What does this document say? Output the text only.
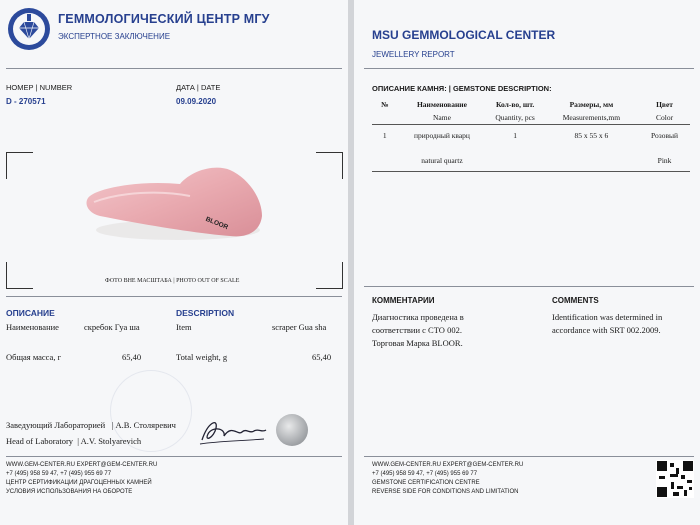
ГЕММОЛОГИЧЕСКИЙ ЦЕНТР МГУ
ЭКСПЕРТНОЕ ЗАКЛЮЧЕНИЕ
НОМЕР | NUMBER
D - 270571
ДАТА | DATE
09.09.2020
BLOOR
ФОТО ВНЕ МАСШТАБА | PHOTO OUT OF SCALE
ОПИСАНИЕ	DESCRIPTION
Наименование	скребок Гуа ша	Item	scraper Gua sha
Общая масса, г	65,40	Total weight, g	65,40
Заведующий Лабораторией   | А.В. Столяревич
Head of Laboratory  | A.V. Stolyarevich
WWW.GEM-CENTER.RU EXPERT@GEM-CENTER.RU
+7 (495) 958 59 47, +7 (495) 955 69 77
ЦЕНТР СЕРТИФИКАЦИИ ДРАГОЦЕННЫХ КАМНЕЙ
УСЛОВИЯ ИСПОЛЬЗОВАНИЯ НА ОБОРОТЕ
MSU GEMMOLOGICAL CENTER
JEWELLERY REPORT
ОПИСАНИЕ КАМНЯ: | GEMSTONE DESCRIPTION:
№	Наименование	Кол-во, шт.	Размеры, мм	Цвет
	Name	Quantity, pcs	Measurements,mm	Color
1	природный кварц	1	85 x 55 x 6	Розовый
	natural quartz			Pink
КОММЕНТАРИИ
Диагностика проведена в
соответствии с СТО 002.
Торговая Марка BLOOR.
COMMENTS
Identification was determined in
accordance with SRT 002.2009.
WWW.GEM-CENTER.RU EXPERT@GEM-CENTER.RU
+7 (495) 958 59 47, +7 (495) 955 69 77
GEMSTONE CERTIFICATION CENTRE
REVERSE SIDE FOR CONDITIONS AND LIMITATION
